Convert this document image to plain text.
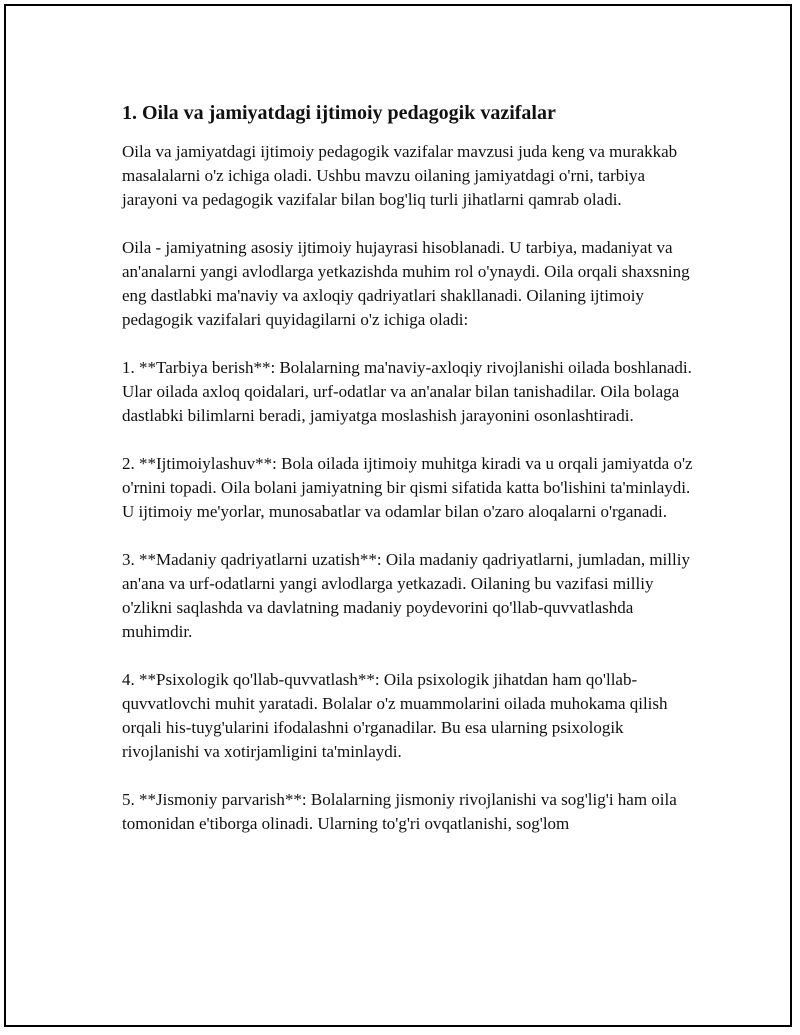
1. Oila va jamiyatdagi ijtimoiy pedagogik vazifalar

Oila va jamiyatdagi ijtimoiy pedagogik vazifalar mavzusi juda keng va murakkab masalalarni o'z ichiga oladi. Ushbu mavzu oilaning jamiyatdagi o'rni, tarbiya jarayoni va pedagogik vazifalar bilan bog'liq turli jihatlarni qamrab oladi.

Oila - jamiyatning asosiy ijtimoiy hujayrasi hisoblanadi. U tarbiya, madaniyat va an'analarni yangi avlodlarga yetkazishda muhim rol o'ynaydi. Oila orqali shaxsning eng dastlabki ma'naviy va axloqiy qadriyatlari shakllanadi. Oilaning ijtimoiy pedagogik vazifalari quyidagilarni o'z ichiga oladi:

1. **Tarbiya berish**: Bolalarning ma'naviy-axloqiy rivojlanishi oilada boshlanadi. Ular oilada axloq qoidalari, urf-odatlar va an'analar bilan tanishadilar. Oila bolaga dastlabki bilimlarni beradi, jamiyatga moslashish jarayonini osonlashtiradi.

2. **Ijtimoiylashuv**: Bola oilada ijtimoiy muhitga kiradi va u orqali jamiyatda o'z o'rnini topadi. Oila bolani jamiyatning bir qismi sifatida katta bo'lishini ta'minlaydi. U ijtimoiy me'yorlar, munosabatlar va odamlar bilan o'zaro aloqalarni o'rganadi.

3. **Madaniy qadriyatlarni uzatish**: Oila madaniy qadriyatlarni, jumladan, milliy an'ana va urf-odatlarni yangi avlodlarga yetkazadi. Oilaning bu vazifasi milliy o'zlikni saqlashda va davlatning madaniy poydevorini qo'llab-quvvatlashda muhimdir.

4. **Psixologik qo'llab-quvvatlash**: Oila psixologik jihatdan ham qo'llab-quvvatlovchi muhit yaratadi. Bolalar o'z muammolarini oilada muhokama qilish orqali his-tuyg'ularini ifodalashni o'rganadilar. Bu esa ularning psixologik rivojlanishi va xotirjamligini ta'minlaydi.

5. **Jismoniy parvarish**: Bolalarning jismoniy rivojlanishi va sog'lig'i ham oila tomonidan e'tiborga olinadi. Ularning to'g'ri ovqatlanishi, sog'lom
